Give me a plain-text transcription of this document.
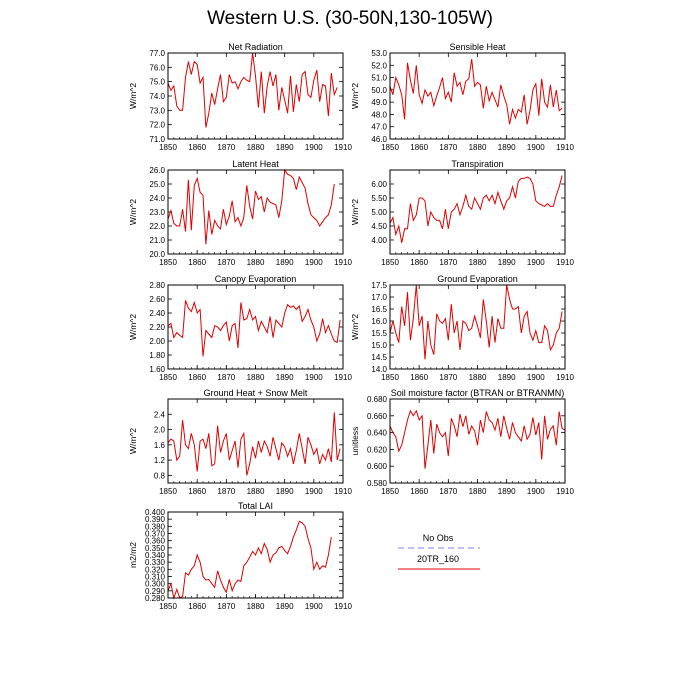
Western U.S. (30-50N,130-105W)
Net Radiation
1850 1860 1870 1880 1890 1900 1910
71.0
72.0
73.0
74.0
75.0
76.0
77.0
W/m^2
Sensible Heat
1850 1860 1870 1880 1890 1900 1910
46.0
47.0
48.0
49.0
50.0
51.0
52.0
53.0
W/m^2
Latent Heat
1850 1860 1870 1880 1890 1900 1910
20.0
21.0
22.0
23.0
24.0
25.0
26.0
W/m^2
Transpiration
1850 1860 1870 1880 1890 1900 1910
4.00
4.50
5.00
5.50
6.00
W/m^2
Canopy Evaporation
1850 1860 1870 1880 1890 1900 1910
1.60
1.80
2.00
2.20
2.40
2.60
2.80
W/m^2
Ground Evaporation
1850 1860 1870 1880 1890 1900 1910
14.0
14.5
15.0
15.5
16.0
16.5
17.0
17.5
W/m^2
Ground Heat + Snow Melt
1850 1860 1870 1880 1890 1900 1910
0.8
1.2
1.6
2.0
2.4
W/m^2
Soil moisture factor (BTRAN or BTRANMN)
1850 1860 1870 1880 1890 1900 1910
0.580
0.600
0.620
0.640
0.660
0.680
unitless
Total LAI
1850 1860 1870 1880 1890 1900 1910
0.280
0.290
0.300
0.310
0.320
0.330
0.340
0.350
0.360
0.370
0.380
0.390
0.400
m2/m2
No Obs
20TR_160
